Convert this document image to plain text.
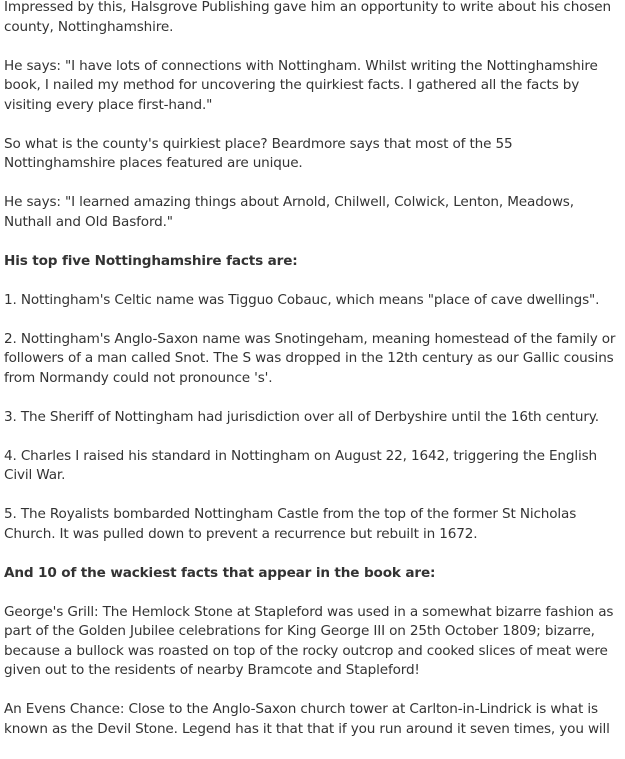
Impressed by this, Halsgrove Publishing gave him an opportunity to write about his chosen county, Nottinghamshire.

He says: "I have lots of connections with Nottingham. Whilst writing the Nottinghamshire book, I nailed my method for uncovering the quirkiest facts. I gathered all the facts by visiting every place first-hand."

So what is the county's quirkiest place? Beardmore says that most of the 55 Nottinghamshire places featured are unique.

He says: "I learned amazing things about Arnold, Chilwell, Colwick, Lenton, Meadows, Nuthall and Old Basford."

His top five Nottinghamshire facts are:

1. Nottingham's Celtic name was Tigguo Cobauc, which means "place of cave dwellings".

2. Nottingham's Anglo-Saxon name was Snotingeham, meaning homestead of the family or followers of a man called Snot. The S was dropped in the 12th century as our Gallic cousins from Normandy could not pronounce 's'.

3. The Sheriff of Nottingham had jurisdiction over all of Derbyshire until the 16th century.

4. Charles I raised his standard in Nottingham on August 22, 1642, triggering the English Civil War.

5. The Royalists bombarded Nottingham Castle from the top of the former St Nicholas Church. It was pulled down to prevent a recurrence but rebuilt in 1672.

And 10 of the wackiest facts that appear in the book are:

George's Grill: The Hemlock Stone at Stapleford was used in a somewhat bizarre fashion as part of the Golden Jubilee celebrations for King George III on 25th October 1809; bizarre, because a bullock was roasted on top of the rocky outcrop and cooked slices of meat were given out to the residents of nearby Bramcote and Stapleford!

An Evens Chance: Close to the Anglo-Saxon church tower at Carlton-in-Lindrick is what is known as the Devil Stone. Legend has it that that if you run around it seven times, you will
